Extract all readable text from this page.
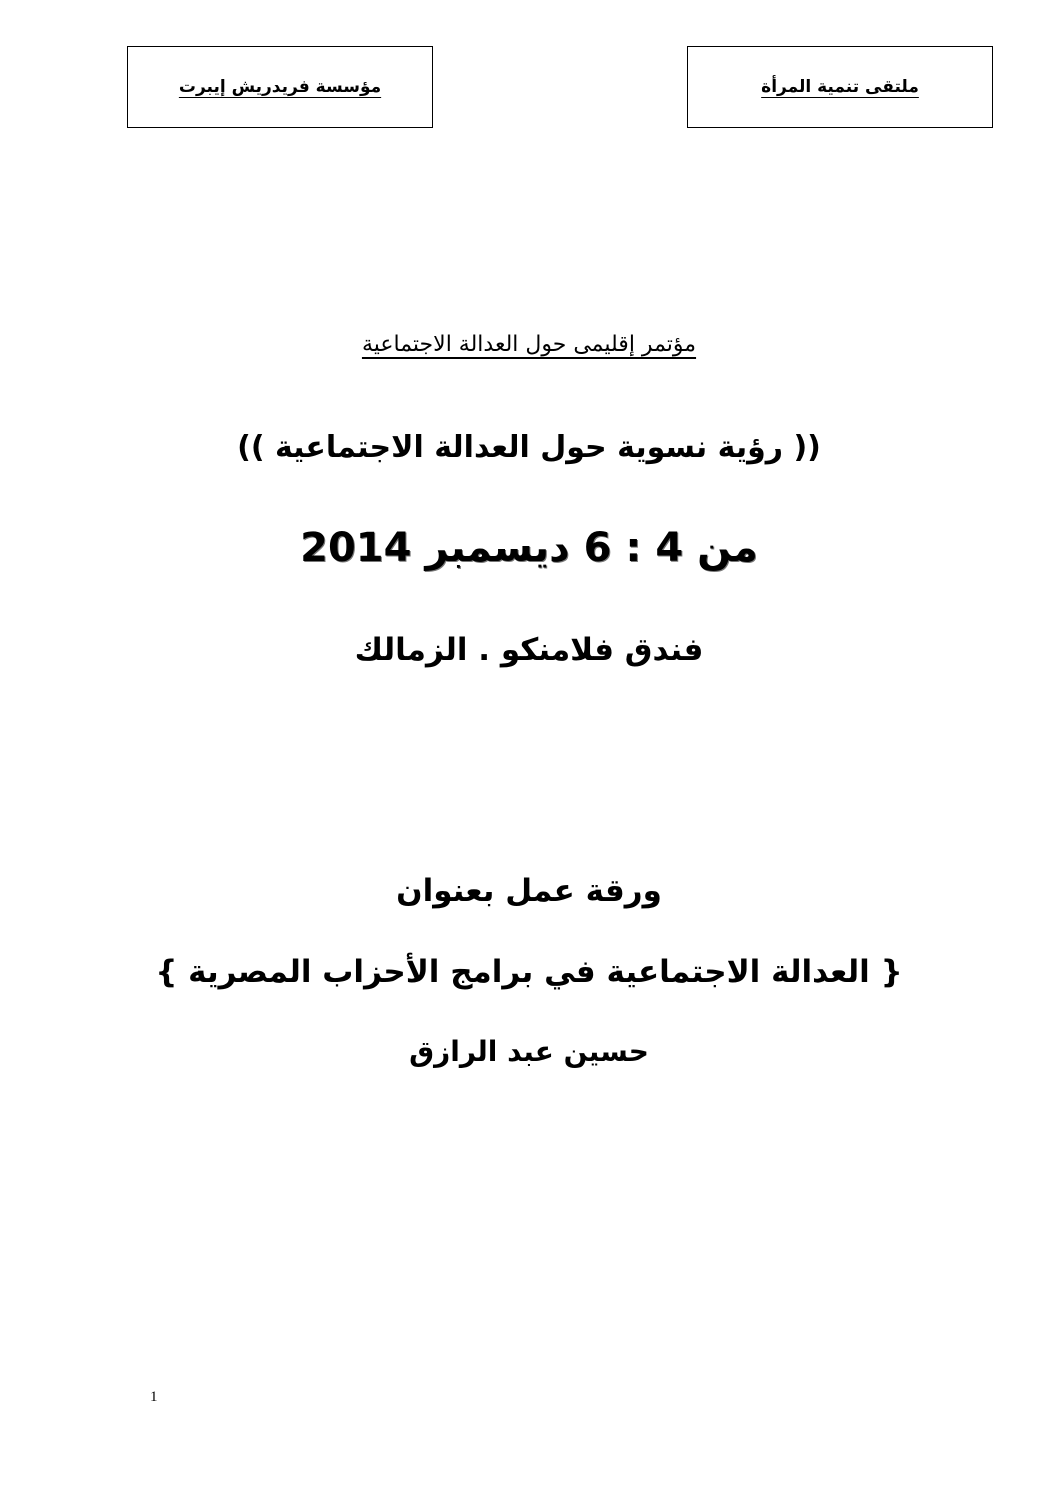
مؤسسة فريدريش إيبرت	ملتقى تنمية المرأة
مؤتمر إقليمى حول العدالة الاجتماعية
(( رؤية نسوية حول العدالة الاجتماعية ))
من 4 : 6 ديسمبر 2014
فندق فلامنكو . الزمالك
ورقة عمل بعنوان
{ العدالة الاجتماعية في برامج الأحزاب المصرية }
حسين عبد الرازق
1
